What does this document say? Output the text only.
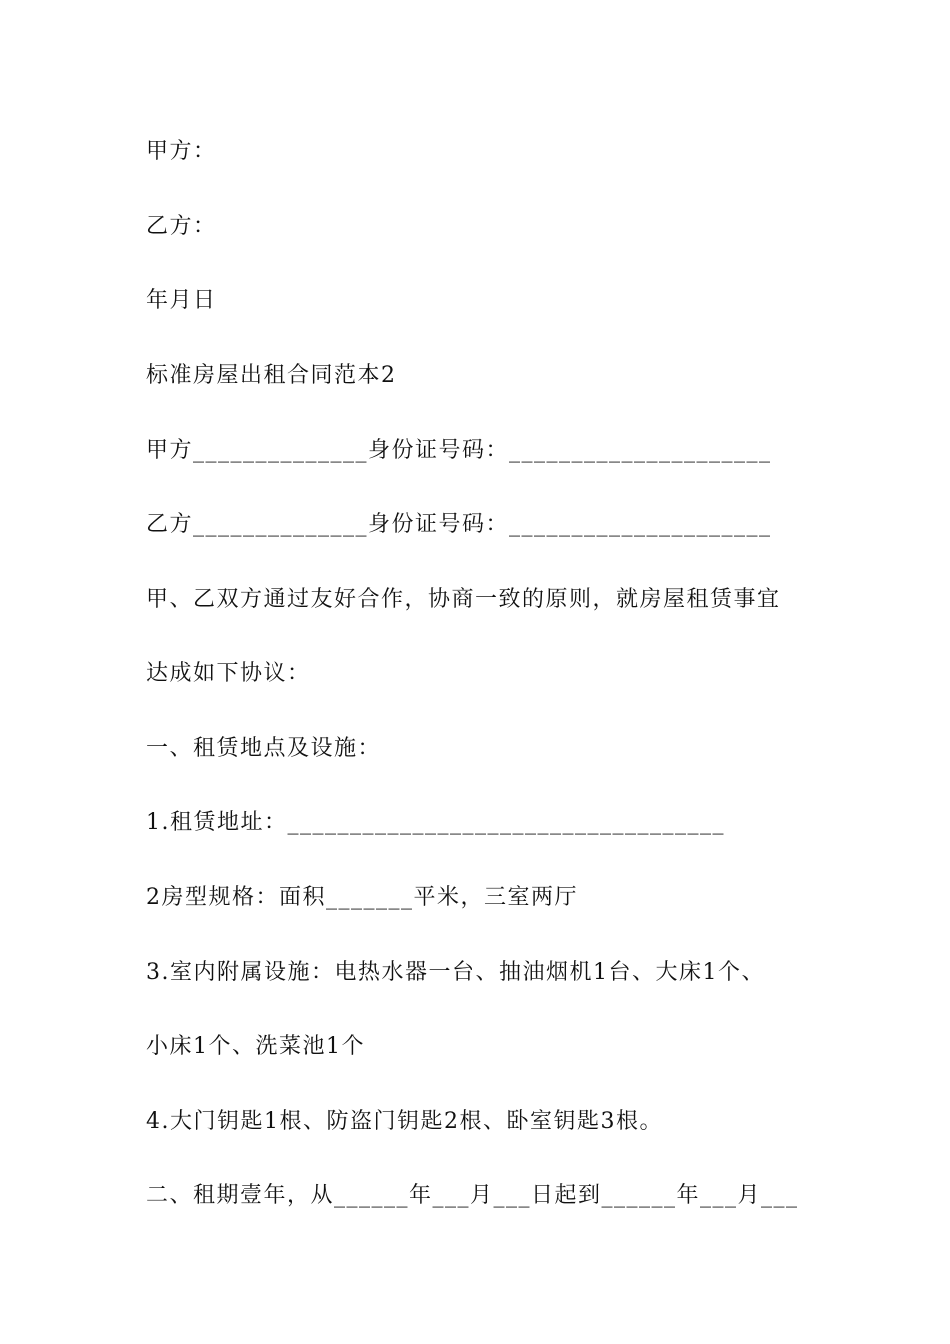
甲方：
乙方：
年月日
标准房屋出租合同范本2
甲方______________身份证号码：_____________________
乙方______________身份证号码：_____________________
甲、乙双方通过友好合作，协商一致的原则，就房屋租赁事宜
达成如下协议：
一、租赁地点及设施：
1.租赁地址：___________________________________
2房型规格：面积_______平米，三室两厅
3.室内附属设施：电热水器一台、抽油烟机1台、大床1个、
小床1个、洗菜池1个
4.大门钥匙1根、防盗门钥匙2根、卧室钥匙3根。
二、租期壹年，从______年___月___日起到______年___月___
